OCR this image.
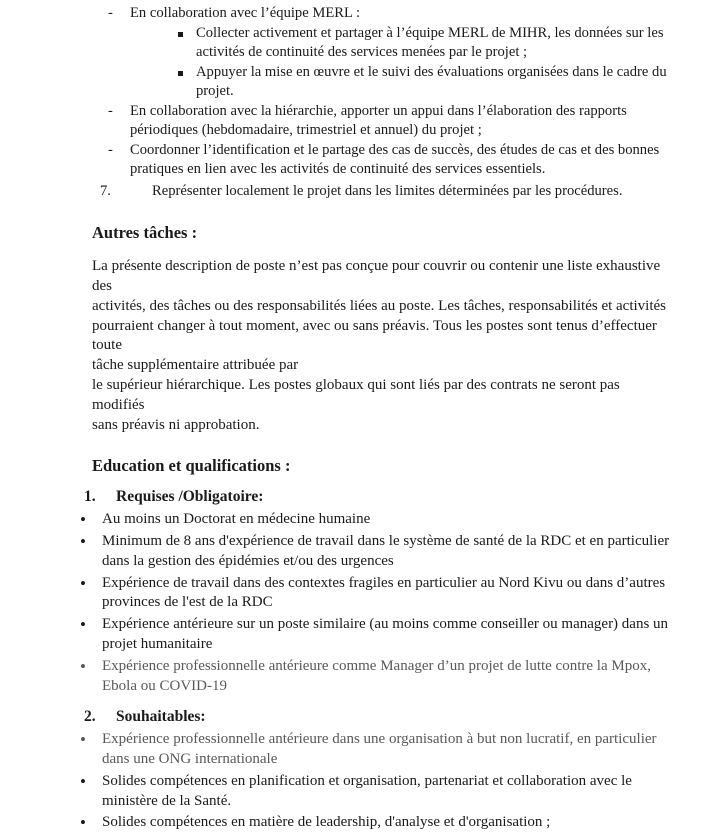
- En collaboration avec l’équipe MERL :
Collecter activement et partager à l’équipe MERL de MIHR, les données sur les activités de continuité des services menées par le projet ;
Appuyer la mise en œuvre et le suivi des évaluations organisées dans le cadre du projet.
- En collaboration avec la hiérarchie, apporter un appui dans l’élaboration des rapports périodiques (hebdomadaire, trimestriel et annuel) du projet ;
- Coordonner l’identification et le partage des cas de succès, des études de cas et des bonnes pratiques en lien avec les activités de continuité des services essentiels.
7.	Représenter localement le projet dans les limites déterminées par les procédures.
Autres tâches :
La présente description de poste n’est pas conçue pour couvrir ou contenir une liste exhaustive des
activités, des tâches ou des responsabilités liées au poste. Les tâches, responsabilités et activités
pourraient changer à tout moment, avec ou sans préavis. Tous les postes sont tenus d’effectuer toute
tâche supplémentaire attribuée par
le supérieur hiérarchique. Les postes globaux qui sont liés par des contrats ne seront pas modifiés
sans préavis ni approbation.
Education et qualifications :
1. Requises /Obligatoire:
• Au moins un Doctorat en médecine humaine
• Minimum de 8 ans d'expérience de travail dans le système de santé de la RDC et en particulier dans la gestion des épidémies et/ou des urgences
• Expérience de travail dans des contextes fragiles en particulier au Nord Kivu ou dans d’autres provinces de l'est de la RDC
• Expérience antérieure sur un poste similaire (au moins comme conseiller ou manager) dans un projet humanitaire
• Expérience professionnelle antérieure comme Manager d’un projet de lutte contre la Mpox, Ebola ou COVID-19
2. Souhaitables:
• Expérience professionnelle antérieure dans une organisation à but non lucratif, en particulier dans une ONG internationale
• Solides compétences en planification et organisation, partenariat et collaboration avec le ministère de la Santé.
• Solides compétences en matière de leadership, d'analyse et d'organisation ;
